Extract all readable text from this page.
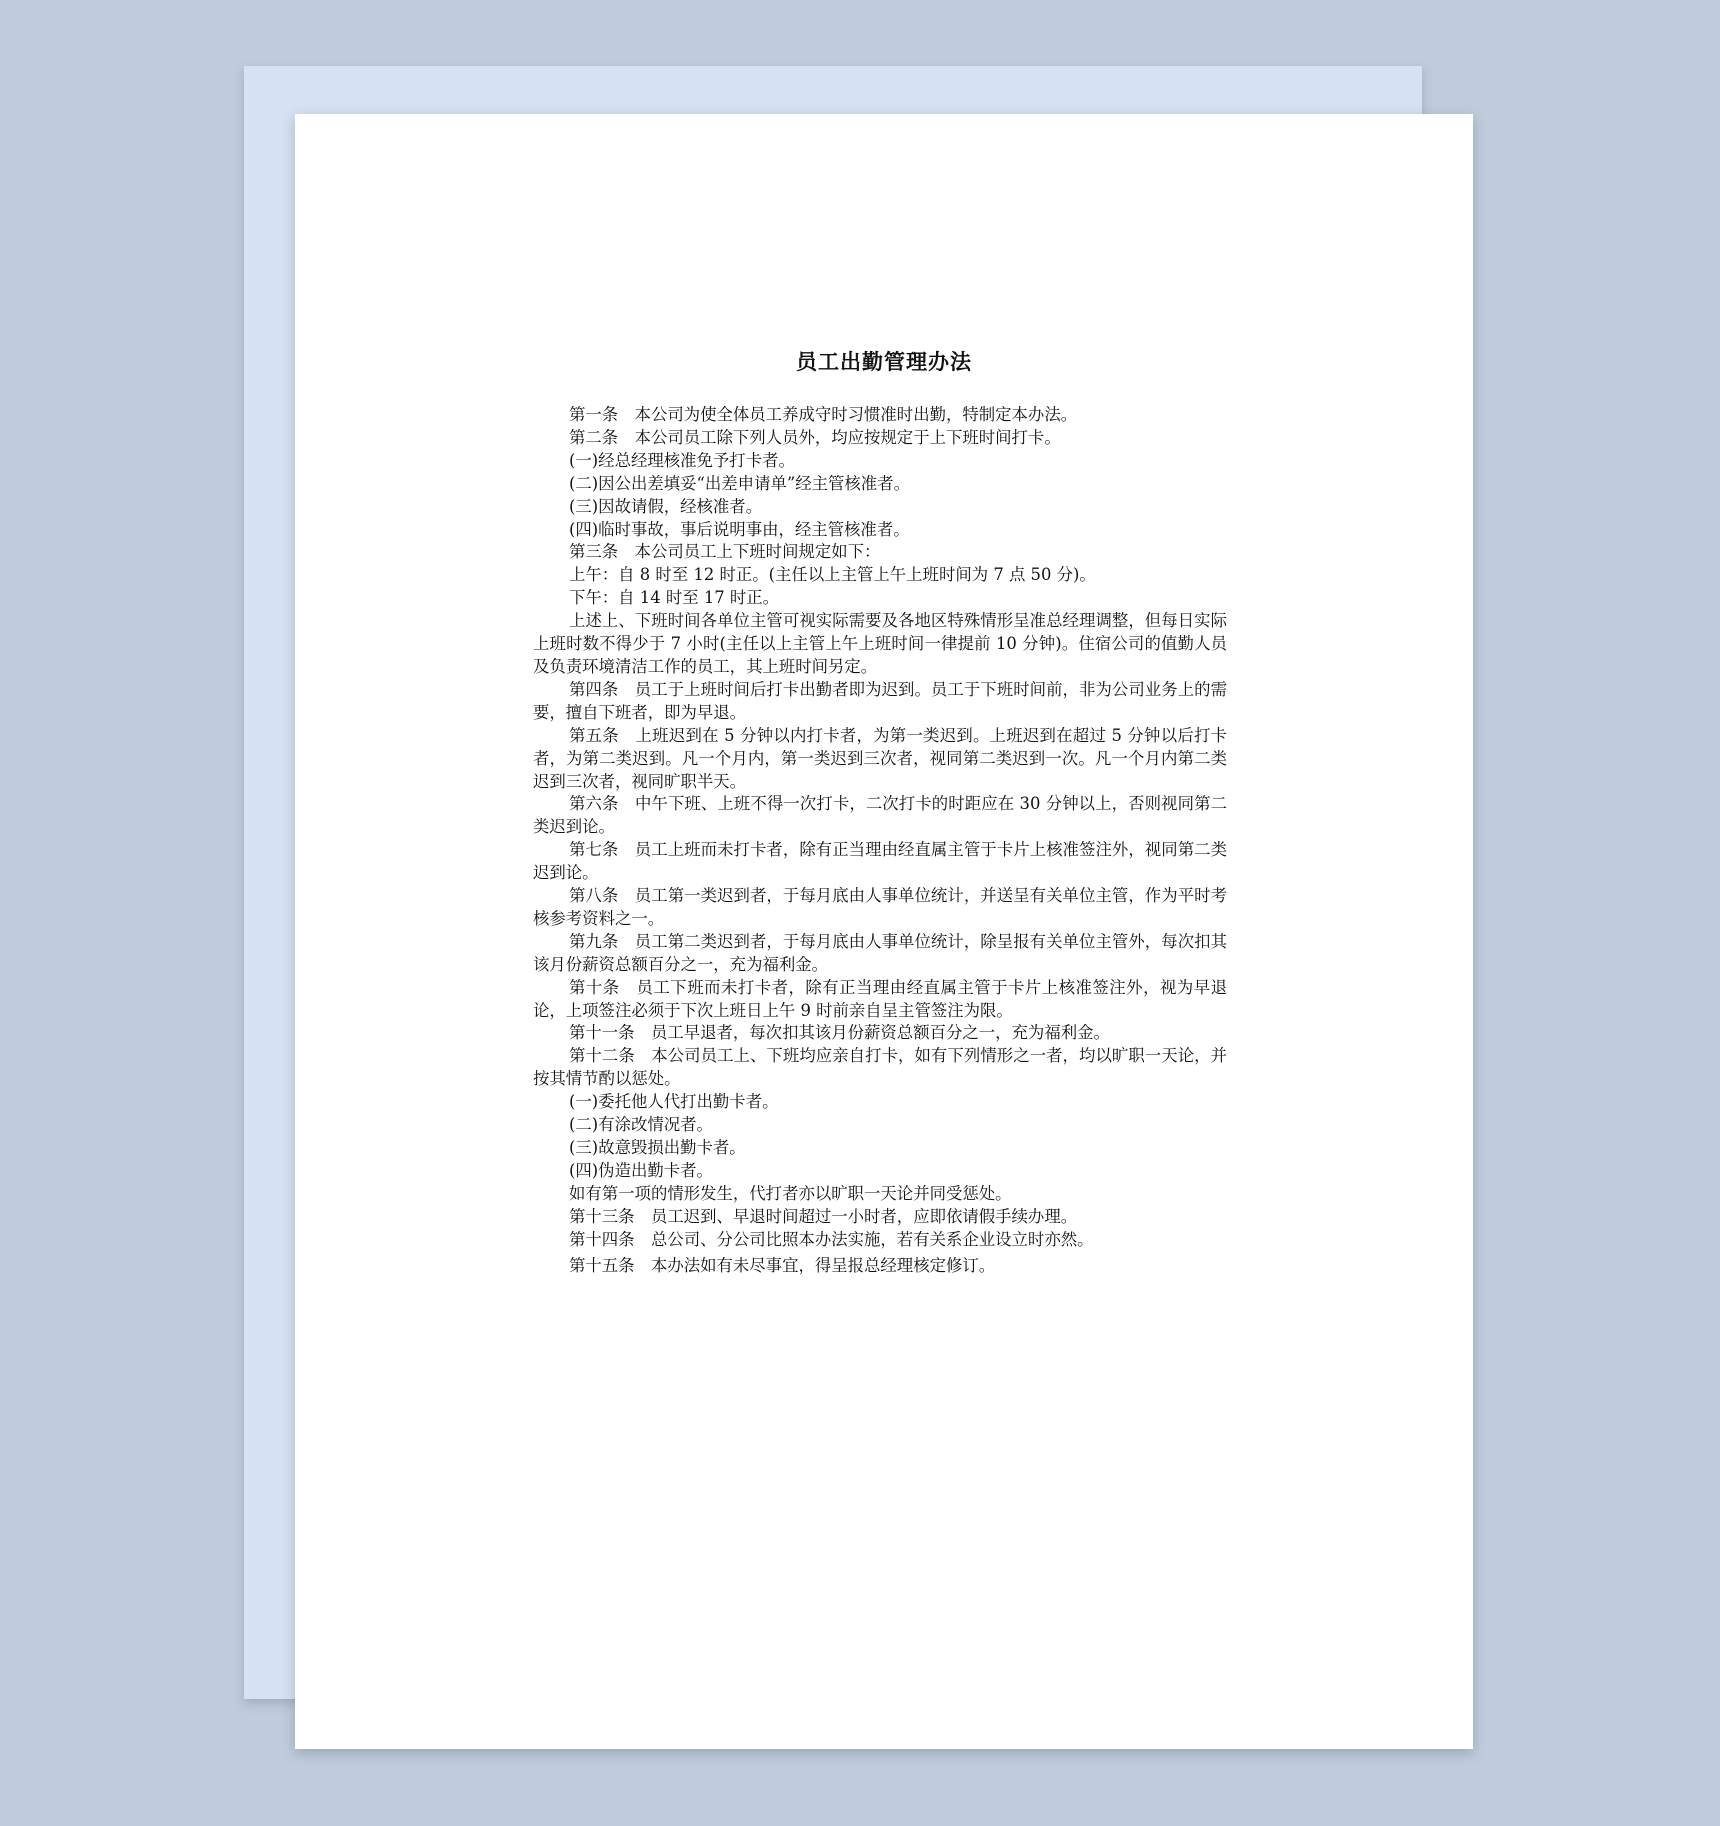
员工出勤管理办法

第一条　本公司为使全体员工养成守时习惯准时出勤，特制定本办法。

第二条　本公司员工除下列人员外，均应按规定于上下班时间打卡。

(一)经总经理核准免予打卡者。

(二)因公出差填妥“出差申请单”经主管核准者。

(三)因故请假，经核准者。

(四)临时事故，事后说明事由，经主管核准者。

第三条　本公司员工上下班时间规定如下：

上午：自 8 时至 12 时正。(主任以上主管上午上班时间为 7 点 50 分)。

下午：自 14 时至 17 时正。

上述上、下班时间各单位主管可视实际需要及各地区特殊情形呈准总经理调整，但每日实际上班时数不得少于 7 小时(主任以上主管上午上班时间一律提前 10 分钟)。住宿公司的值勤人员及负责环境清洁工作的员工，其上班时间另定。

第四条　员工于上班时间后打卡出勤者即为迟到。员工于下班时间前，非为公司业务上的需要，擅自下班者，即为早退。

第五条　上班迟到在 5 分钟以内打卡者，为第一类迟到。上班迟到在超过 5 分钟以后打卡者，为第二类迟到。凡一个月内，第一类迟到三次者，视同第二类迟到一次。凡一个月内第二类迟到三次者，视同旷职半天。

第六条　中午下班、上班不得一次打卡，二次打卡的时距应在 30 分钟以上，否则视同第二类迟到论。

第七条　员工上班而未打卡者，除有正当理由经直属主管于卡片上核准签注外，视同第二类迟到论。

第八条　员工第一类迟到者，于每月底由人事单位统计，并送呈有关单位主管，作为平时考核参考资料之一。

第九条　员工第二类迟到者，于每月底由人事单位统计，除呈报有关单位主管外，每次扣其该月份薪资总额百分之一，充为福利金。

第十条　员工下班而未打卡者，除有正当理由经直属主管于卡片上核准签注外，视为早退论，上项签注必须于下次上班日上午 9 时前亲自呈主管签注为限。

第十一条　员工早退者，每次扣其该月份薪资总额百分之一，充为福利金。

第十二条　本公司员工上、下班均应亲自打卡，如有下列情形之一者，均以旷职一天论，并按其情节酌以惩处。

(一)委托他人代打出勤卡者。

(二)有涂改情况者。

(三)故意毁损出勤卡者。

(四)伪造出勤卡者。

如有第一项的情形发生，代打者亦以旷职一天论并同受惩处。

第十三条　员工迟到、早退时间超过一小时者，应即依请假手续办理。

第十四条　总公司、分公司比照本办法实施，若有关系企业设立时亦然。

第十五条　本办法如有未尽事宜，得呈报总经理核定修订。
